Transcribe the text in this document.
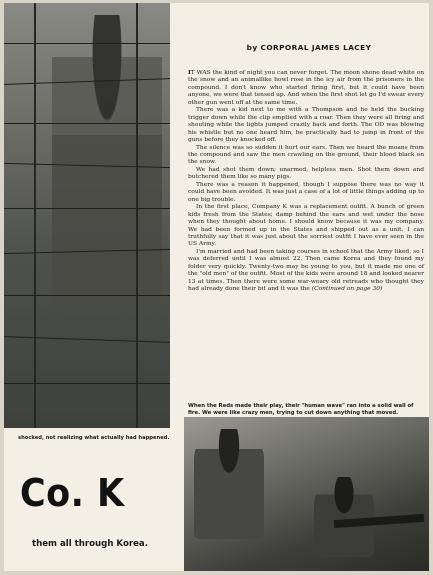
by CORPORAL JAMES LACEY

IT WAS the kind of night you can never forget. The moon shone dead white on the snow and an animallike howl rose in the icy air from the prisoners in the compound. I don't know who started firing first, but it could have been anyone, we were that tensed up. And when the first shot let go I'd swear every other gun went off at the same time.

There was a kid next to me with a Thompson and he held the bucking trigger down while the clip emptied with a roar. Then they were all firing and shouting while the lights jumped crazily back and forth. The OD was blowing his whistle but no one heard him, he practically had to jump in front of the guns before they knocked off.

The silence was so sudden it hurt our ears. Then we heard the moans from the compound and saw the men crawling on the ground, their blood black on the snow.

We had shot them down; unarmed, helpless men. Shot them down and butchered them like so many pigs.

There was a reason it happened, though I suppose there was no way it could have been avoided. It was just a case of a lot of little things adding up to one big trouble.

In the first place, Company K was a replacement outfit. A bunch of green kids fresh from the States; damp behind the ears and wet under the nose when they thought about home. I should know because it was my company. We had been formed up in the States and shipped out as a unit. I can truthfully say that it was just about the sorriest outfit I have ever seen in the US Army.

I'm married and had been taking courses in school that the Army liked, so I was deferred until I was almost 22. Then came Korea and they found my folder very quickly. Twenty-two may be young to you, but it made me one of the "old men" of the outfit. Most of the kids were around 18 and looked nearer 13 at times. Then there were some war-weary old retreads who thought they had already done their bit and it was the (Continued on page 30)

When the Reds made their play, their "human wave" ran into a solid wall of fire. We were like crazy men, trying to cut down anything that moved.
shocked, not realizing what actually had happened.
Co. K
them all through Korea.
